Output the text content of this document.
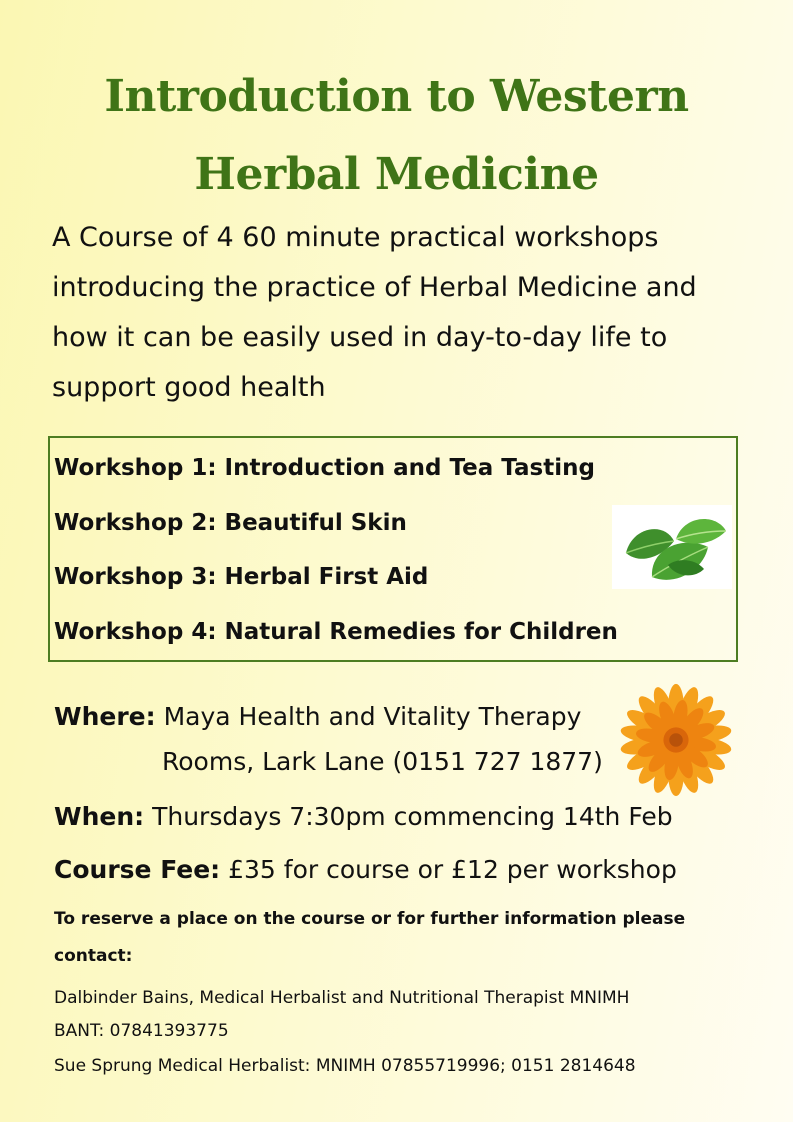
Introduction to Western
Herbal Medicine
A Course of 4 60 minute practical workshops
introducing the practice of Herbal Medicine and
how it can be easily used in day-to-day life to
support good health
Workshop 1: Introduction and Tea Tasting
Workshop 2: Beautiful Skin
Workshop 3: Herbal First Aid
Workshop 4: Natural Remedies for Children
Where: Maya Health and Vitality Therapy
Rooms, Lark Lane (0151 727 1877)
When: Thursdays 7:30pm commencing 14th Feb
Course Fee: £35 for course or £12 per workshop
To reserve a place on the course or for further information please
contact:
Dalbinder Bains, Medical Herbalist and Nutritional Therapist MNIMH
BANT: 07841393775
Sue Sprung Medical Herbalist: MNIMH 07855719996; 0151 2814648
